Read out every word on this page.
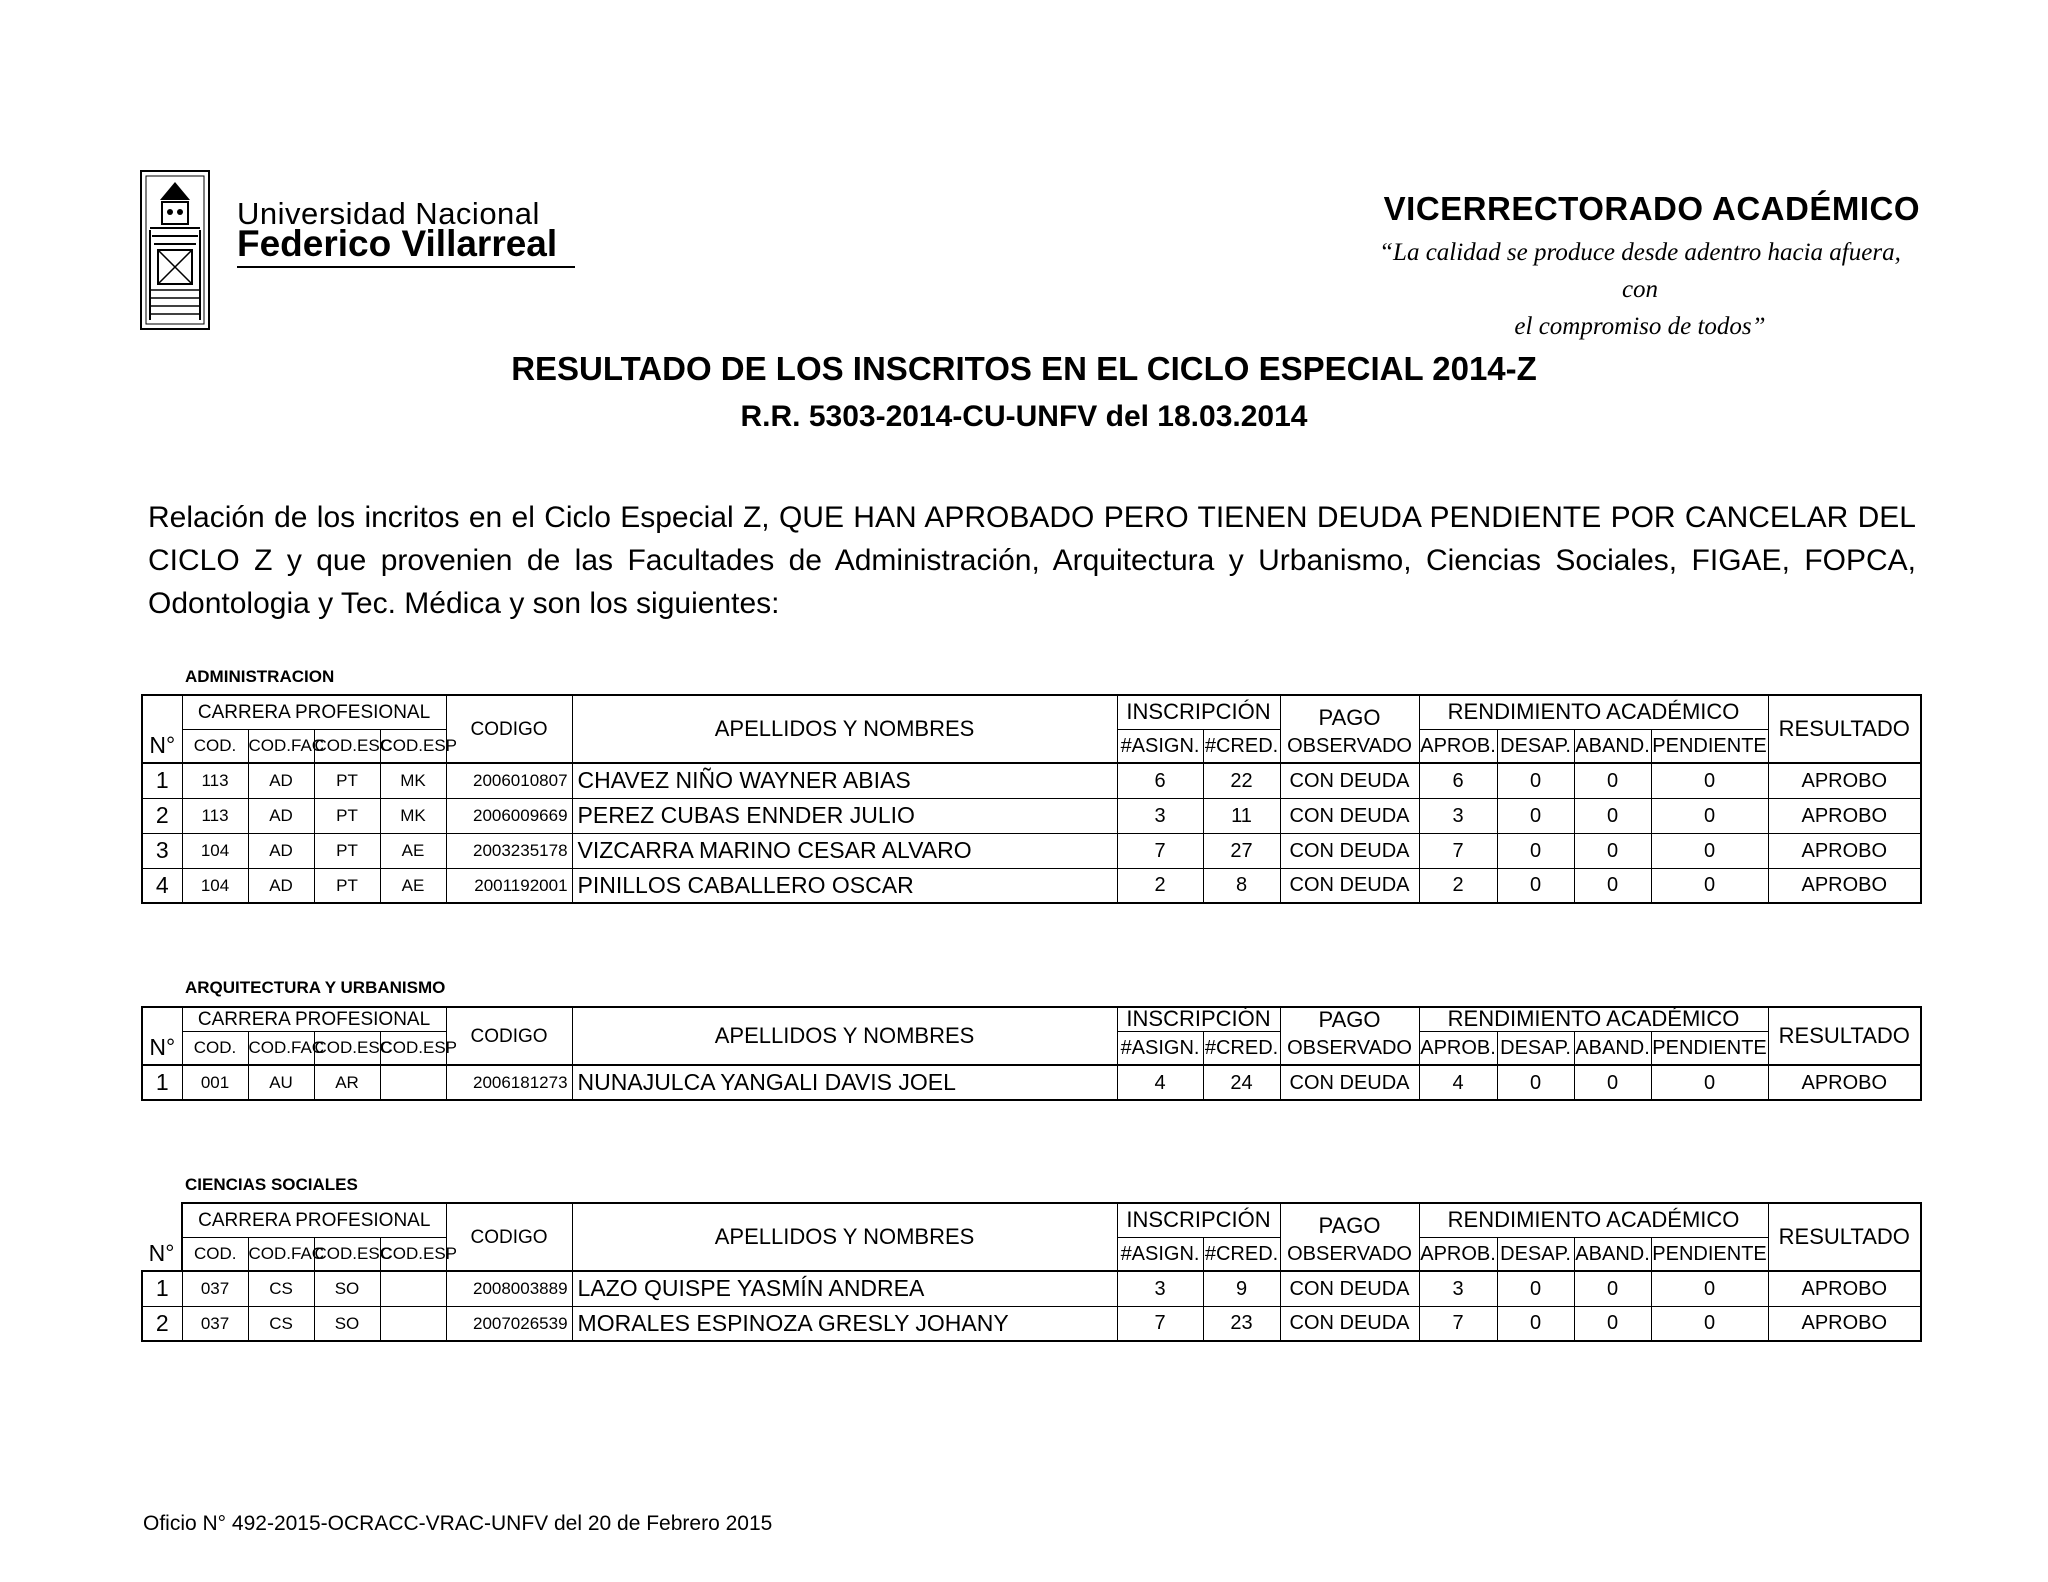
Universidad Nacional
Federico Villarreal
VICERRECTORADO ACADÉMICO
“La calidad se produce desde adentro hacia afuera, con
el compromiso de todos”
RESULTADO DE LOS INSCRITOS EN EL CICLO ESPECIAL 2014-Z
R.R. 5303-2014-CU-UNFV del 18.03.2014
Relación de los incritos en el Ciclo Especial Z, QUE HAN APROBADO PERO TIENEN DEUDA PENDIENTE POR CANCELAR DEL CICLO Z y que provenien de las Facultades de Administración, Arquitectura y Urbanismo, Ciencias Sociales, FIGAE, FOPCA, Odontologia y Tec. Médica y son los siguientes:
ADMINISTRACION
ARQUITECTURA Y URBANISMO
CIENCIAS SOCIALES
	CARRERA PROFESIONAL				CODIGO	APELLIDOS Y NOMBRES	INSCRIPCIÓN		PAGO	RENDIMIENTO ACADÉMICO				RESULTADO
N°	COD.	COD.FAC	COD.ESC	COD.ESP			#ASIGN.	#CRED.	OBSERVADO	APROB.	DESAP.	ABAND.	PENDIENTE	
1	113	AD	PT	MK	2006010807	CHAVEZ NIÑO WAYNER ABIAS	6	22	CON DEUDA	6	0	0	0	APROBO
2	113	AD	PT	MK	2006009669	PEREZ CUBAS ENNDER JULIO	3	11	CON DEUDA	3	0	0	0	APROBO
3	104	AD	PT	AE	2003235178	VIZCARRA MARINO CESAR ALVARO	7	27	CON DEUDA	7	0	0	0	APROBO
4	104	AD	PT	AE	2001192001	PINILLOS CABALLERO OSCAR	2	8	CON DEUDA	2	0	0	0	APROBO
	CARRERA PROFESIONAL				CODIGO	APELLIDOS Y NOMBRES	INSCRIPCIÓN		PAGO	RENDIMIENTO ACADÉMICO				RESULTADO
N°	COD.	COD.FAC	COD.ESC	COD.ESP			#ASIGN.	#CRED.	OBSERVADO	APROB.	DESAP.	ABAND.	PENDIENTE	
1	001	AU	AR		2006181273	NUNAJULCA YANGALI DAVIS JOEL	4	24	CON DEUDA	4	0	0	0	APROBO
	CARRERA PROFESIONAL				CODIGO	APELLIDOS Y NOMBRES	INSCRIPCIÓN		PAGO	RENDIMIENTO ACADÉMICO				RESULTADO
N°	COD.	COD.FAC	COD.ESC	COD.ESP			#ASIGN.	#CRED.	OBSERVADO	APROB.	DESAP.	ABAND.	PENDIENTE	
1	037	CS	SO		2008003889	LAZO QUISPE YASMÍN ANDREA	3	9	CON DEUDA	3	0	0	0	APROBO
2	037	CS	SO		2007026539	MORALES ESPINOZA GRESLY JOHANY	7	23	CON DEUDA	7	0	0	0	APROBO
Oficio N° 492-2015-OCRACC-VRAC-UNFV del 20 de Febrero 2015
